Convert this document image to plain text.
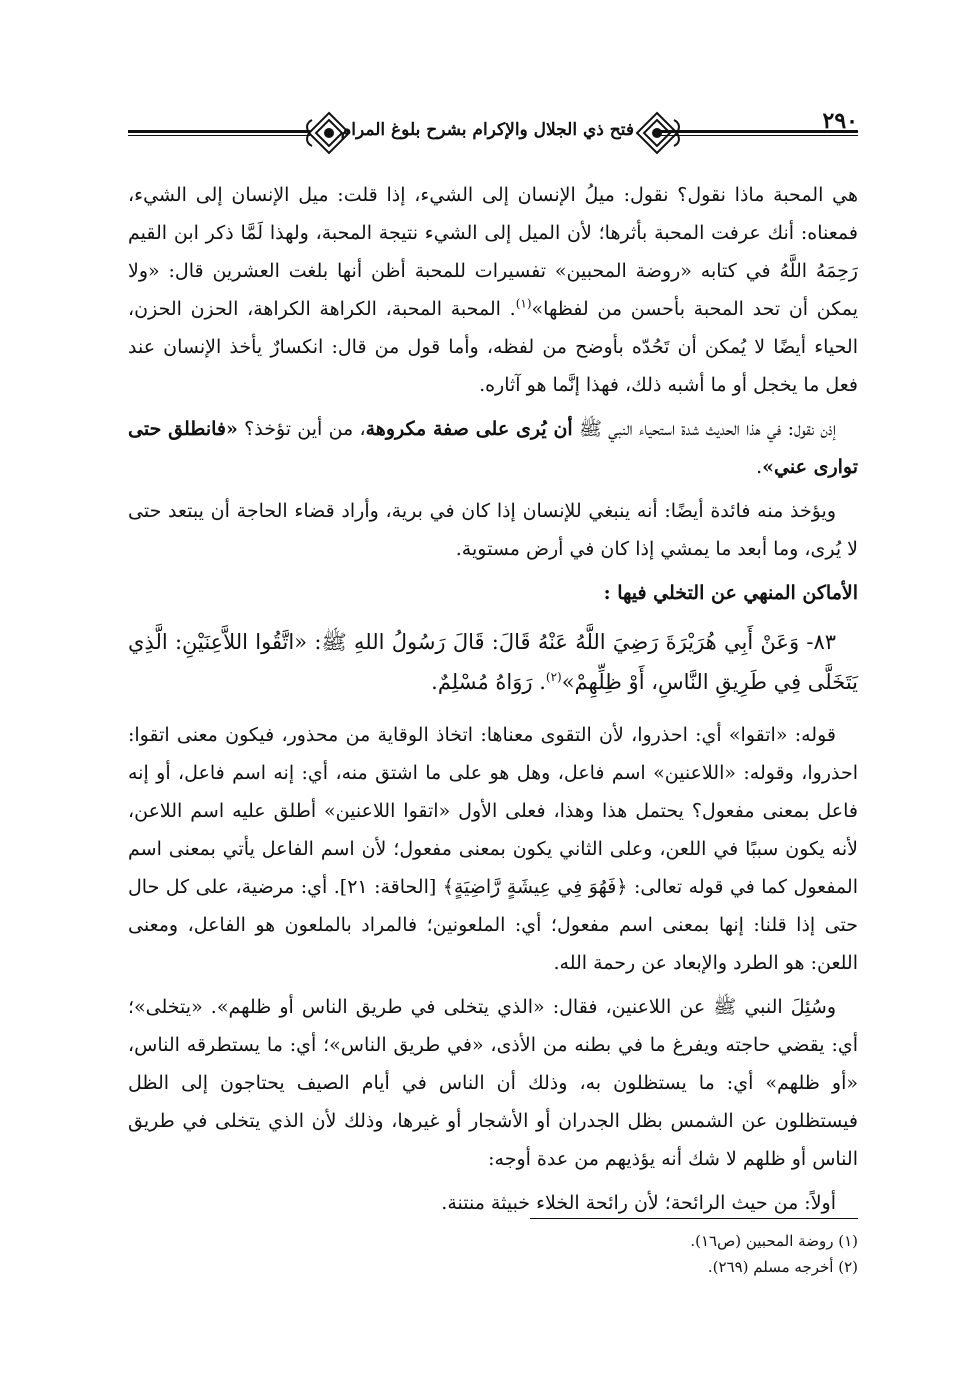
فتح ذي الجلال والإكرام بشرح بلوغ المرام	٢٩٠

هي المحبة ماذا نقول؟ نقول: ميلُ الإنسان إلى الشيء، إذا قلت: ميل الإنسان إلى الشيء، فمعناه: أنك عرفت المحبة بأثرها؛ لأن الميل إلى الشيء نتيجة المحبة، ولهذا لَمَّا ذكر ابن القيم رَحِمَهُ اللَّهُ في كتابه «روضة المحبين» تفسيرات للمحبة أظن أنها بلغت العشرين قال: «ولا يمكن أن تحد المحبة بأحسن من لفظها»$^{(١)}$. المحبة المحبة، الكراهة الكراهة، الحزن الحزن، الحياء أيضًا لا يُمكن أن تَحُدّه بأوضح من لفظه، وأما قول من قال: انكسارٌ يأخذ الإنسان عند فعل ما يخجل أو ما أشبه ذلك، فهذا إنَّما هو آثاره.

إذن نقول: في هذا الحديث شدة استحياء النبي ﷺ أن يُرى على صفة مكروهة، من أين تؤخذ؟ «فانطلق حتى توارى عني».

ويؤخذ منه فائدة أيضًا: أنه ينبغي للإنسان إذا كان في برية، وأراد قضاء الحاجة أن يبتعد حتى لا يُرى، وما أبعد ما يمشي إذا كان في أرض مستوية.

الأماكن المنهي عن التخلي فيها :

٨٣- وَعَنْ أَبِي هُرَيْرَةَ رَضِيَ اللَّهُ عَنْهُ قَالَ: قَالَ رَسُولُ اللهِ ﷺ: «اتَّقُوا اللاَّعِنَيْنِ: الَّذِي يَتَخَلَّى فِي طَرِيقِ النَّاسِ، أَوْ ظِلِّهِمْ»$^{(٢)}$. رَوَاهُ مُسْلِمٌ.

قوله: «اتقوا» أي: احذروا، لأن التقوى معناها: اتخاذ الوقاية من محذور، فيكون معنى اتقوا: احذروا، وقوله: «اللاعنين» اسم فاعل، وهل هو على ما اشتق منه، أي: إنه اسم فاعل، أو إنه فاعل بمعنى مفعول؟ يحتمل هذا وهذا، فعلى الأول «اتقوا اللاعنين» أطلق عليه اسم اللاعن، لأنه يكون سببًا في اللعن، وعلى الثاني يكون بمعنى مفعول؛ لأن اسم الفاعل يأتي بمعنى اسم المفعول كما في قوله تعالى: ﴿فَهُوَ فِي عِيشَةٍ رَّاضِيَةٍ﴾ [الحاقة: ٢١]. أي: مرضية، على كل حال حتى إذا قلنا: إنها بمعنى اسم مفعول؛ أي: الملعونين؛ فالمراد بالملعون هو الفاعل، ومعنى اللعن: هو الطرد والإبعاد عن رحمة الله.

وسُئِلَ النبي ﷺ عن اللاعنين، فقال: «الذي يتخلى في طريق الناس أو ظلهم». «يتخلى»؛ أي: يقضي حاجته ويفرغ ما في بطنه من الأذى، «في طريق الناس»؛ أي: ما يستطرقه الناس، «أو ظلهم» أي: ما يستظلون به، وذلك أن الناس في أيام الصيف يحتاجون إلى الظل فيستظلون عن الشمس بظل الجدران أو الأشجار أو غيرها، وذلك لأن الذي يتخلى في طريق الناس أو ظلهم لا شك أنه يؤذيهم من عدة أوجه:

أولاً: من حيث الرائحة؛ لأن رائحة الخلاء خبيثة منتنة.

(١) روضة المحبين (ص١٦).
(٢) أخرجه مسلم (٢٦٩).
